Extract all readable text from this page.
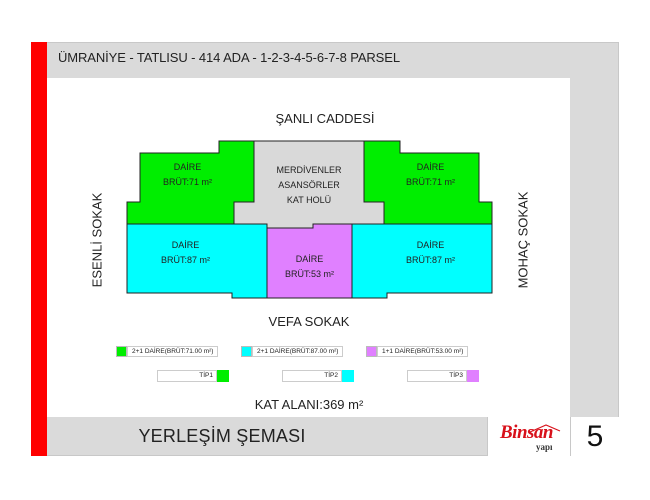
ÜMRANİYE - TATLISU - 414 ADA - 1-2-3-4-5-6-7-8 PARSEL
ŞANLI CADDESİ
VEFA SOKAK
ESENLİ SOKAK	MOHAÇ SOKAK
MERDİVENLER
ASANSÖRLER
KAT HOLÜ
DAİRE
BRÜT:71 m²
DAİRE
BRÜT:71 m²
DAİRE
BRÜT:87 m²	DAİRE
BRÜT:53 m²
DAİRE
BRÜT:87 m²
2+1 DAİRE(BRÜT:71.00 m²)	2+1 DAİRE(BRÜT:87.00 m²)	1+1 DAİRE(BRÜT:53.00 m²)
TİP1	TİP2	TİP3
KAT ALANI:369 m²
YERLEŞİM ŞEMASI	Binsan
yapı	5
